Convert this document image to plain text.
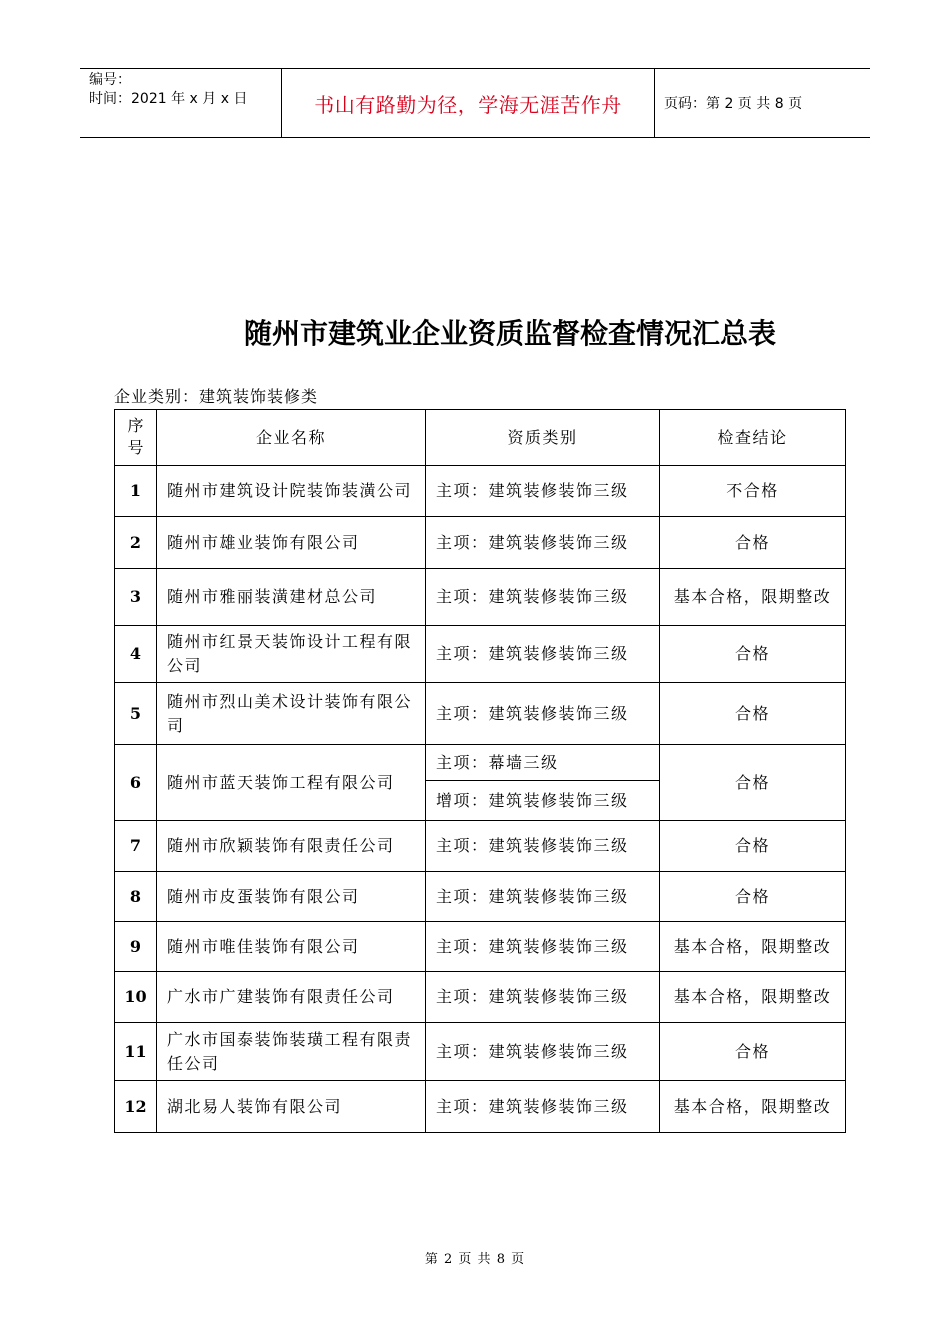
编号：
时间：2021 年 x 月 x 日	书山有路勤为径，学海无涯苦作舟	页码：第 2 页 共 8 页
随州市建筑业企业资质监督检查情况汇总表
企业类别：建筑装饰装修类
序号	企业名称	资质类别	检查结论
1	随州市建筑设计院装饰装潢公司	主项：建筑装修装饰三级	不合格
2	随州市雄业装饰有限公司	主项：建筑装修装饰三级	合格
3	随州市雅丽装潢建材总公司	主项：建筑装修装饰三级	基本合格，限期整改
4	随州市红景天装饰设计工程有限公司	主项：建筑装修装饰三级	合格
5	随州市烈山美术设计装饰有限公司	主项：建筑装修装饰三级	合格
6	随州市蓝天装饰工程有限公司	主项：幕墙三级	合格
		增项：建筑装修装饰三级	
7	随州市欣颖装饰有限责任公司	主项：建筑装修装饰三级	合格
8	随州市皮蛋装饰有限公司	主项：建筑装修装饰三级	合格
9	随州市唯佳装饰有限公司	主项：建筑装修装饰三级	基本合格，限期整改
10	广水市广建装饰有限责任公司	主项：建筑装修装饰三级	基本合格，限期整改
11	广水市国泰装饰装璜工程有限责任公司	主项：建筑装修装饰三级	合格
12	湖北易人装饰有限公司	主项：建筑装修装饰三级	基本合格，限期整改
第 2 页 共 8 页
